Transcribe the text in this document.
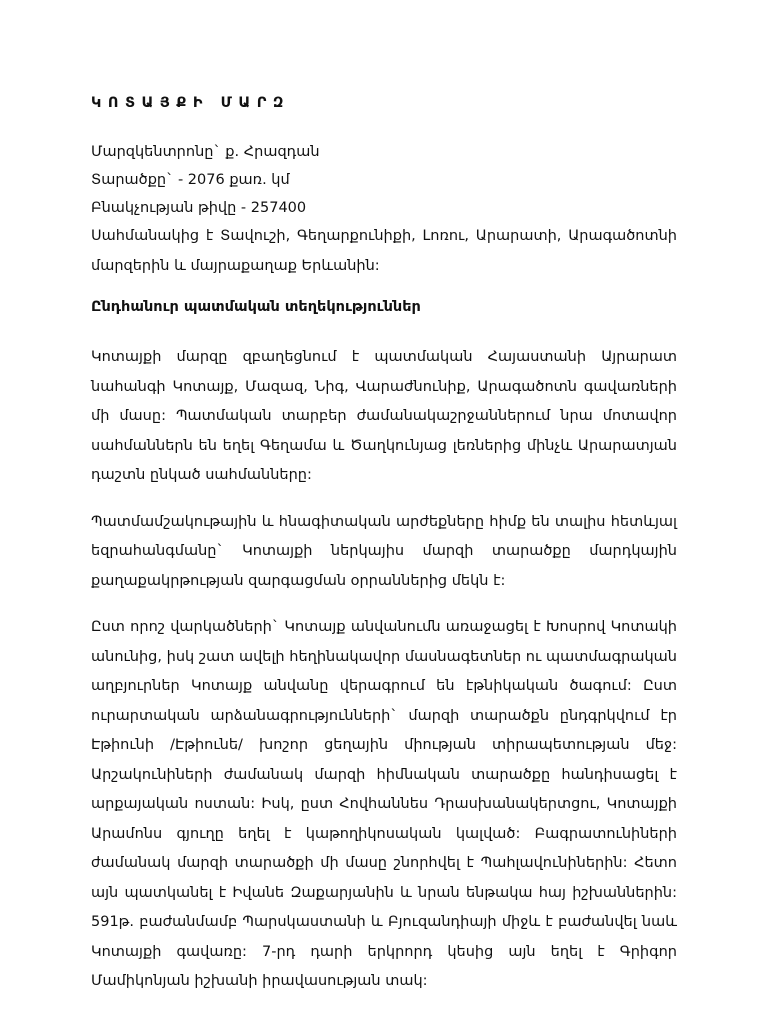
ԿՈՏԱՅՔԻ ՄԱՐԶ
Մարզկենտրոնը` ք. Հրազդան
Տարածքը` - 2076 քառ. կմ
Բնակչության թիվը - 257400

Սահմանակից է Տավուշի, Գեղարքունիքի, Լոռու, Արարատի, Արագածոտնի մարզերին և մայրաքաղաք Երևանին:

Ընդհանուր պատմական տեղեկություններ

Կոտայքի մարզը զբաղեցնում է պատմական Հայաստանի Այրարատ նահանգի Կոտայք, Մազազ, Նիգ, Վարաժնունիք, Արագածոտն գավառների մի մասը: Պատմական տարբեր ժամանակաշրջաններում նրա մոտավոր սահմաններն են եղել Գեղամա և Ծաղկունյաց լեռներից մինչև Արարատյան դաշտն ընկած սահմանները:

Պատմամշակութային և հնագիտական արժեքները հիմք են տալիս հետևյալ եզրահանգմանը` Կոտայքի ներկայիս մարզի տարածքը մարդկային քաղաքակրթության զարգացման օրրաններից մեկն է:

Ըստ որոշ վարկածների` Կոտայք անվանումն առաջացել է Խոսրով Կոտակի անունից, իսկ շատ ավելի հեղինակավոր մասնագետներ ու պատմագրական աղբյուրներ Կոտայք անվանը վերագրում են էթնիկական ծագում: Ըստ ուրարտական արձանագրությունների` մարզի տարածքն ընդգրկվում էր Էթիունի /Էթիունե/ խոշոր ցեղային միության տիրապետության մեջ: Արշակունիների ժամանակ մարզի հիմնական տարածքը հանդիսացել է արքայական ոստան: Իսկ, ըստ Հովհաննես Դրասխանակերտցու, Կոտայքի Արամոնս գյուղը եղել է կաթողիկոսական կալված: Բագրատունիների ժամանակ մարզի տարածքի մի մասը շնորհվել է Պահլավունիներին: Հետո այն պատկանել է Իվանե Զաքարյանին և նրան ենթակա հայ իշխաններին: 591թ. բաժանմամբ Պարսկաստանի և Բյուզանդիայի միջև է բաժանվել նաև Կոտայքի գավառը: 7-րդ դարի երկրորդ կեսից այն եղել է Գրիգոր Մամիկոնյան իշխանի իրավասության տակ:
